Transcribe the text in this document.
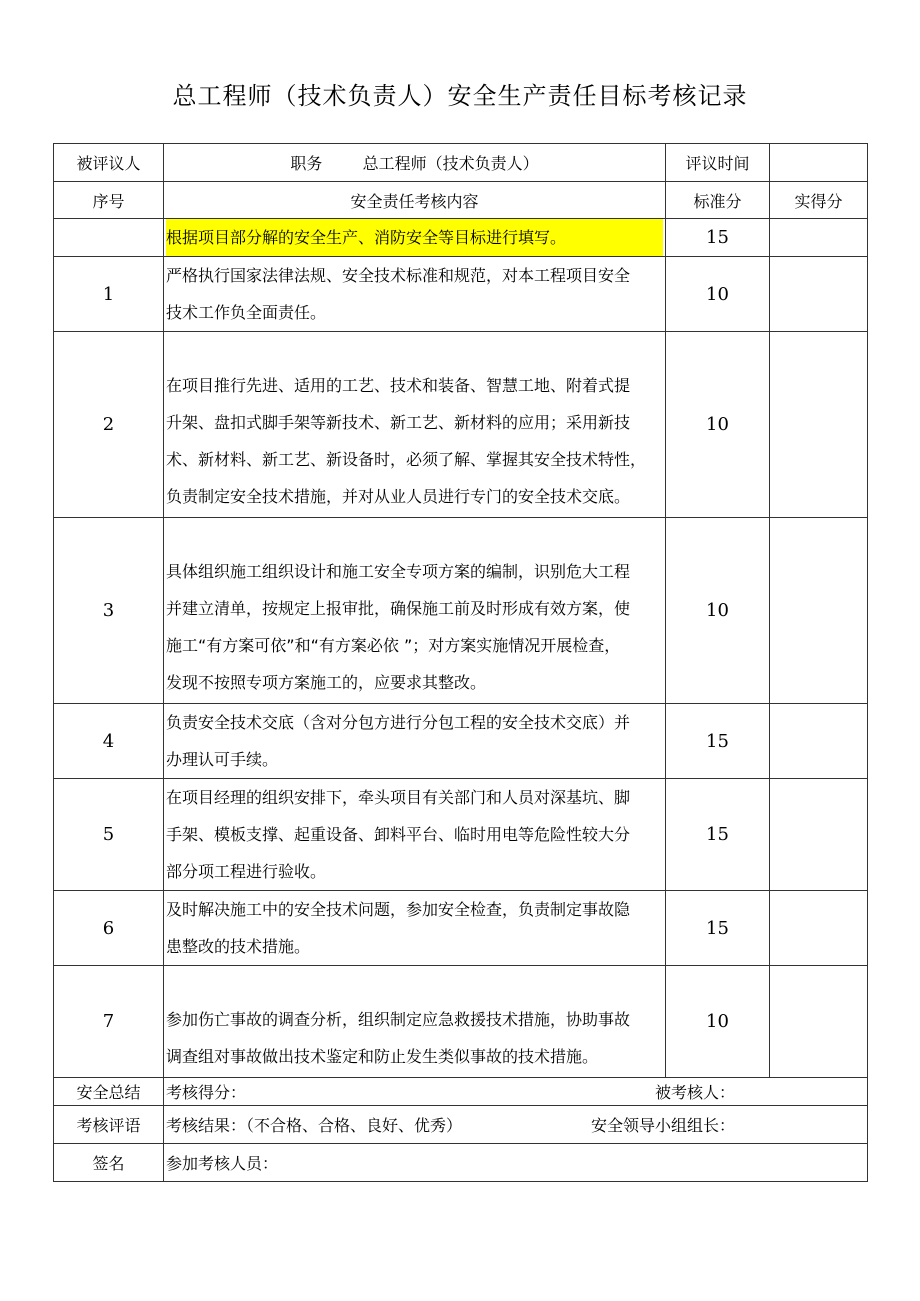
总工程师（技术负责人）安全生产责任目标考核记录
被评议人	职务 总工程师（技术负责人）	评议时间	
序号	安全责任考核内容	标准分	实得分

	根据项目部分解的安全生产、消防安全等目标进行填写。	15	
1	严格执行国家法律法规、安全技术标准和规范，对本工程项目安全
技术工作负全面责任。	10	
2	在项目推行先进、适用的工艺、技术和装备、智慧工地、附着式提
升架、盘扣式脚手架等新技术、新工艺、新材料的应用；采用新技
术、新材料、新工艺、新设备时，必须了解、掌握其安全技术特性，
负责制定安全技术措施，并对从业人员进行专门的安全技术交底。	10	
3	具体组织施工组织设计和施工安全专项方案的编制，识别危大工程
并建立清单，按规定上报审批，确保施工前及时形成有效方案，使
施工“有方案可依”和“有方案必依 ”；对方案实施情况开展检查，
发现不按照专项方案施工的，应要求其整改。	10	
4	负责安全技术交底（含对分包方进行分包工程的安全技术交底）并
办理认可手续。	15	
5	在项目经理的组织安排下，牵头项目有关部门和人员对深基坑、脚
手架、模板支撑、起重设备、卸料平台、临时用电等危险性较大分
部分项工程进行验收。	15	
6	及时解决施工中的安全技术问题，参加安全检查，负责制定事故隐
患整改的技术措施。	15	
7	参加伤亡事故的调查分析，组织制定应急救援技术措施，协助事故
调查组对事故做出技术鉴定和防止发生类似事故的技术措施。	10	
安全总结	考核得分： 被考核人：		

考核评语	考核结果：（不合格、合格、良好、优秀） 安全领导小组组长：		

签名	参加考核人员：		
